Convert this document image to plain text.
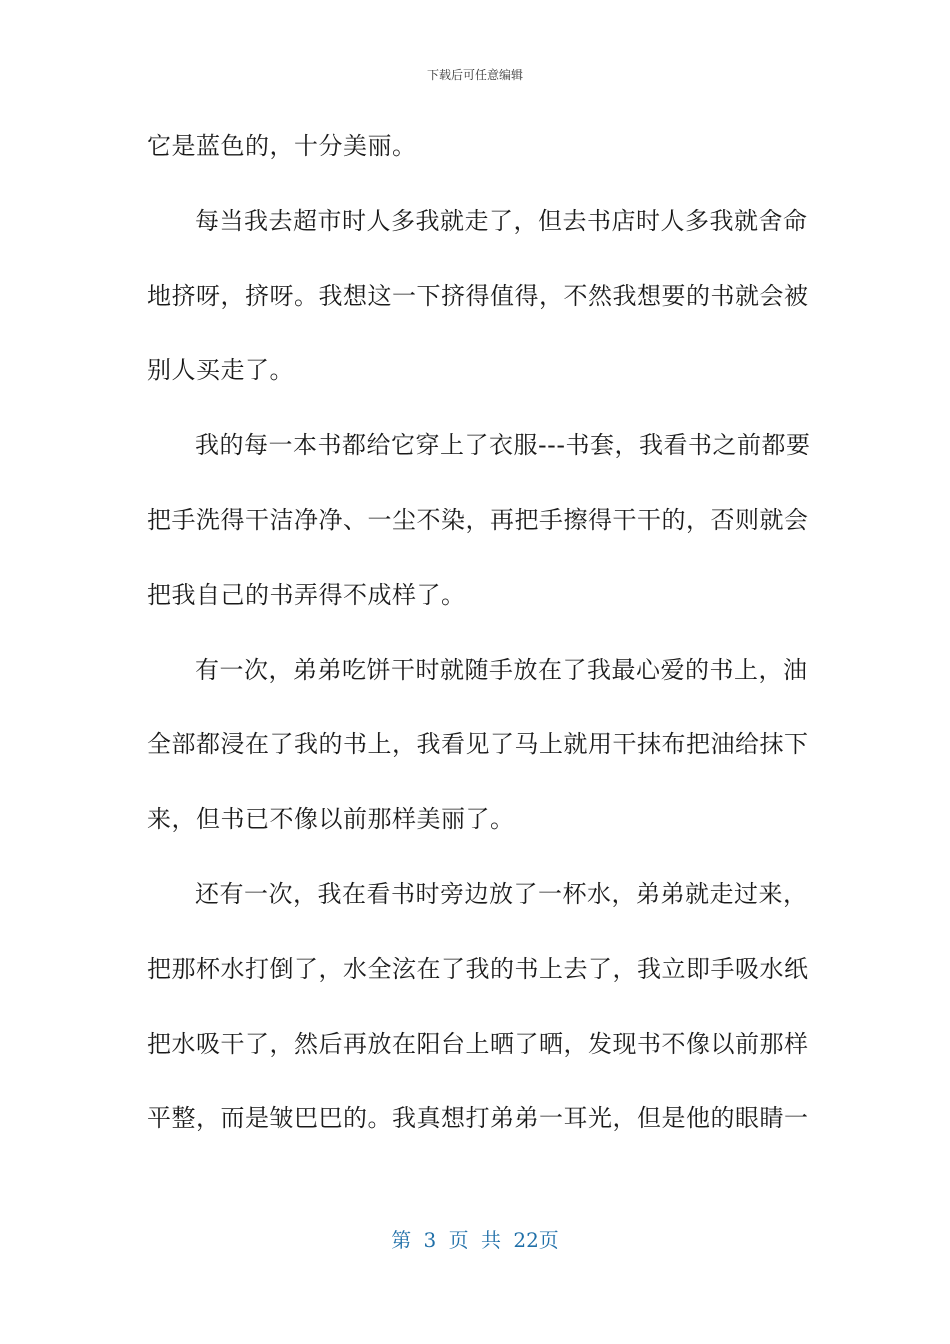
下载后可任意编辑
它是蓝色的，十分美丽。
每当我去超市时人多我就走了，但去书店时人多我就舍命
地挤呀，挤呀。我想这一下挤得值得，不然我想要的书就会被
别人买走了。
我的每一本书都给它穿上了衣服---书套，我看书之前都要
把手洗得干洁净净、一尘不染，再把手擦得干干的，否则就会
把我自己的书弄得不成样了。
有一次，弟弟吃饼干时就随手放在了我最心爱的书上，油
全部都浸在了我的书上，我看见了马上就用干抹布把油给抹下
来，但书已不像以前那样美丽了。
还有一次，我在看书时旁边放了一杯水，弟弟就走过来，
把那杯水打倒了，水全泫在了我的书上去了，我立即手吸水纸
把水吸干了，然后再放在阳台上晒了晒，发现书不像以前那样
平整，而是皱巴巴的。我真想打弟弟一耳光，但是他的眼睛一
第 3 页 共 22页
